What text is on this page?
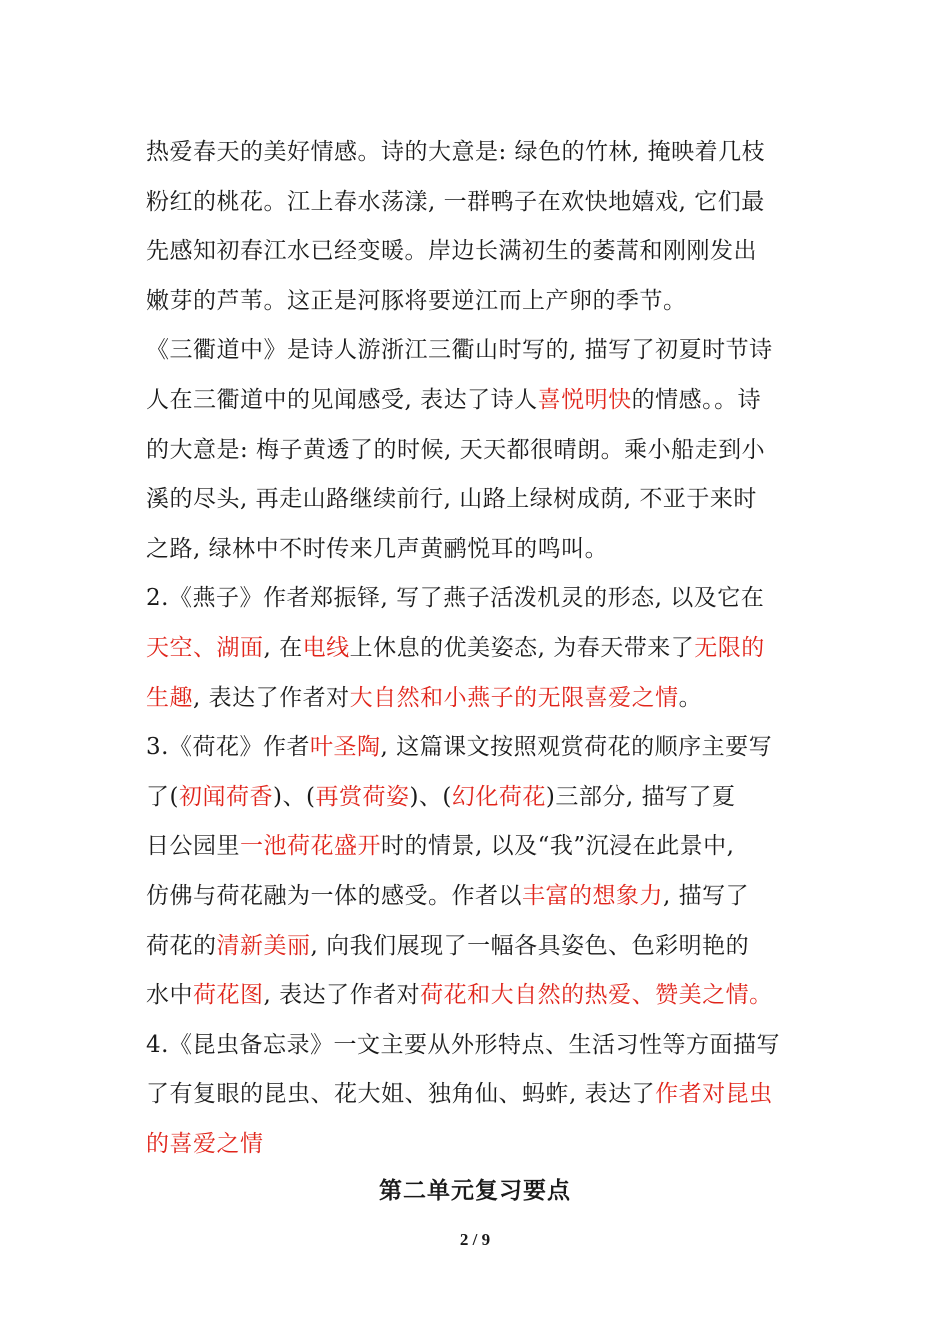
热爱春天的美好情感。诗的大意是: 绿色的竹林, 掩映着几枝
粉红的桃花。江上春水荡漾, 一群鸭子在欢快地嬉戏, 它们最
先感知初春江水已经变暖。岸边长满初生的萎蒿和刚刚发出
嫩芽的芦苇。这正是河豚将要逆江而上产卵的季节。
《三衢道中》是诗人游浙江三衢山时写的, 描写了初夏时节诗
人在三衢道中的见闻感受, 表达了诗人喜悦明快的情感。。诗
的大意是: 梅子黄透了的时候, 天天都很晴朗。乘小船走到小
溪的尽头, 再走山路继续前行, 山路上绿树成荫, 不亚于来时
之路, 绿林中不时传来几声黄鹂悦耳的鸣叫。
2.《燕子》作者郑振铎, 写了燕子活泼机灵的形态, 以及它在
天空、湖面, 在电线上休息的优美姿态, 为春天带来了无限的
生趣, 表达了作者对大自然和小燕子的无限喜爱之情。
3.《荷花》作者叶圣陶, 这篇课文按照观赏荷花的顺序主要写
了(初闻荷香)、(再赏荷姿)、(幻化荷花)三部分, 描写了夏
日公园里一池荷花盛开时的情景, 以及“我”沉浸在此景中,
仿佛与荷花融为一体的感受。作者以丰富的想象力, 描写了
荷花的清新美丽, 向我们展现了一幅各具姿色、色彩明艳的
水中荷花图, 表达了作者对荷花和大自然的热爱、赞美之情。
4.《昆虫备忘录》一文主要从外形特点、生活习性等方面描写
了有复眼的昆虫、花大姐、独角仙、蚂蚱, 表达了作者对昆虫
的喜爱之情
第二单元复习要点
2 / 9
